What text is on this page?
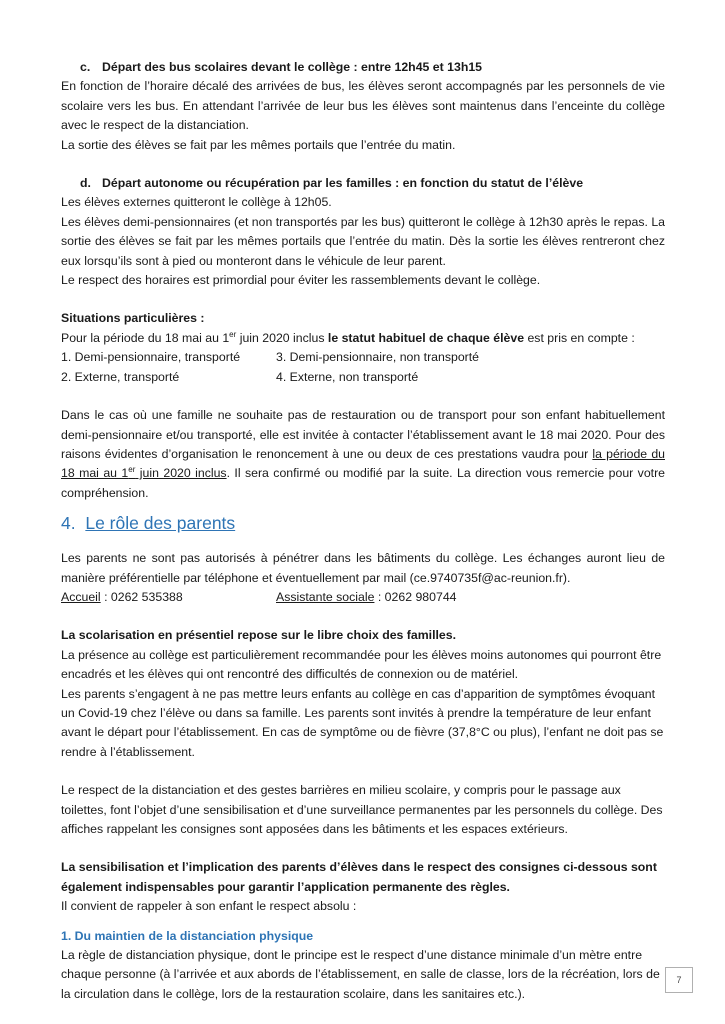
c. Départ des bus scolaires devant le collège : entre 12h45 et 13h15

En fonction de l’horaire décalé des arrivées de bus, les élèves seront accompagnés par les personnels de vie scolaire vers les bus. En attendant l’arrivée de leur bus les élèves sont maintenus dans l’enceinte du collège avec le respect de la distanciation.

La sortie des élèves se fait par les mêmes portails que l’entrée du matin.

d. Départ autonome ou récupération par les familles : en fonction du statut de l’élève

Les élèves externes quitteront le collège à 12h05.

Les élèves demi-pensionnaires (et non transportés par les bus) quitteront le collège à 12h30 après le repas. La sortie des élèves se fait par les mêmes portails que l’entrée du matin. Dès la sortie les élèves rentreront chez eux lorsqu’ils sont à pied ou monteront dans le véhicule de leur parent.

Le respect des horaires est primordial pour éviter les rassemblements devant le collège.

Situations particulières :

Pour la période du 18 mai au 1er juin 2020 inclus le statut habituel de chaque élève est pris en compte :

1. Demi-pensionnaire, transporté	3. Demi-pensionnaire, non transporté
2. Externe, transporté	4. Externe, non transporté

Dans le cas où une famille ne souhaite pas de restauration ou de transport pour son enfant habituellement demi-pensionnaire et/ou transporté, elle est invitée à contacter l’établissement avant le 18 mai 2020. Pour des raisons évidentes d’organisation le renoncement à une ou deux de ces prestations vaudra pour la période du 18 mai au 1er juin 2020 inclus. Il sera confirmé ou modifié par la suite. La direction vous remercie pour votre compréhension.

4. Le rôle des parents

Les parents ne sont pas autorisés à pénétrer dans les bâtiments du collège. Les échanges auront lieu de manière préférentielle par téléphone et éventuellement par mail (ce.9740735f@ac-reunion.fr).

Accueil : 0262 535388	Assistante sociale : 0262 980744

La scolarisation en présentiel repose sur le libre choix des familles.

La présence au collège est particulièrement recommandée pour les élèves moins autonomes qui pourront être encadrés et les élèves qui ont rencontré des difficultés de connexion ou de matériel.

Les parents s’engagent à ne pas mettre leurs enfants au collège en cas d’apparition de symptômes évoquant un Covid-19 chez l’élève ou dans sa famille. Les parents sont invités à prendre la température de leur enfant avant le départ pour l’établissement. En cas de symptôme ou de fièvre (37,8°C ou plus), l’enfant ne doit pas se rendre à l’établissement.

Le respect de la distanciation et des gestes barrières en milieu scolaire, y compris pour le passage aux toilettes, font l’objet d’une sensibilisation et d’une surveillance permanentes par les personnels du collège. Des affiches rappelant les consignes sont apposées dans les bâtiments et les espaces extérieurs.

La sensibilisation et l’implication des parents d’élèves dans le respect des consignes ci-dessous sont également indispensables pour garantir l’application permanente des règles.

Il convient de rappeler à son enfant le respect absolu :

1. Du maintien de la distanciation physique

La règle de distanciation physique, dont le principe est le respect d’une distance minimale d’un mètre entre chaque personne (à l’arrivée et aux abords de l’établissement, en salle de classe, lors de la récréation, lors de la circulation dans le collège, lors de la restauration scolaire, dans les sanitaires etc.).

7
